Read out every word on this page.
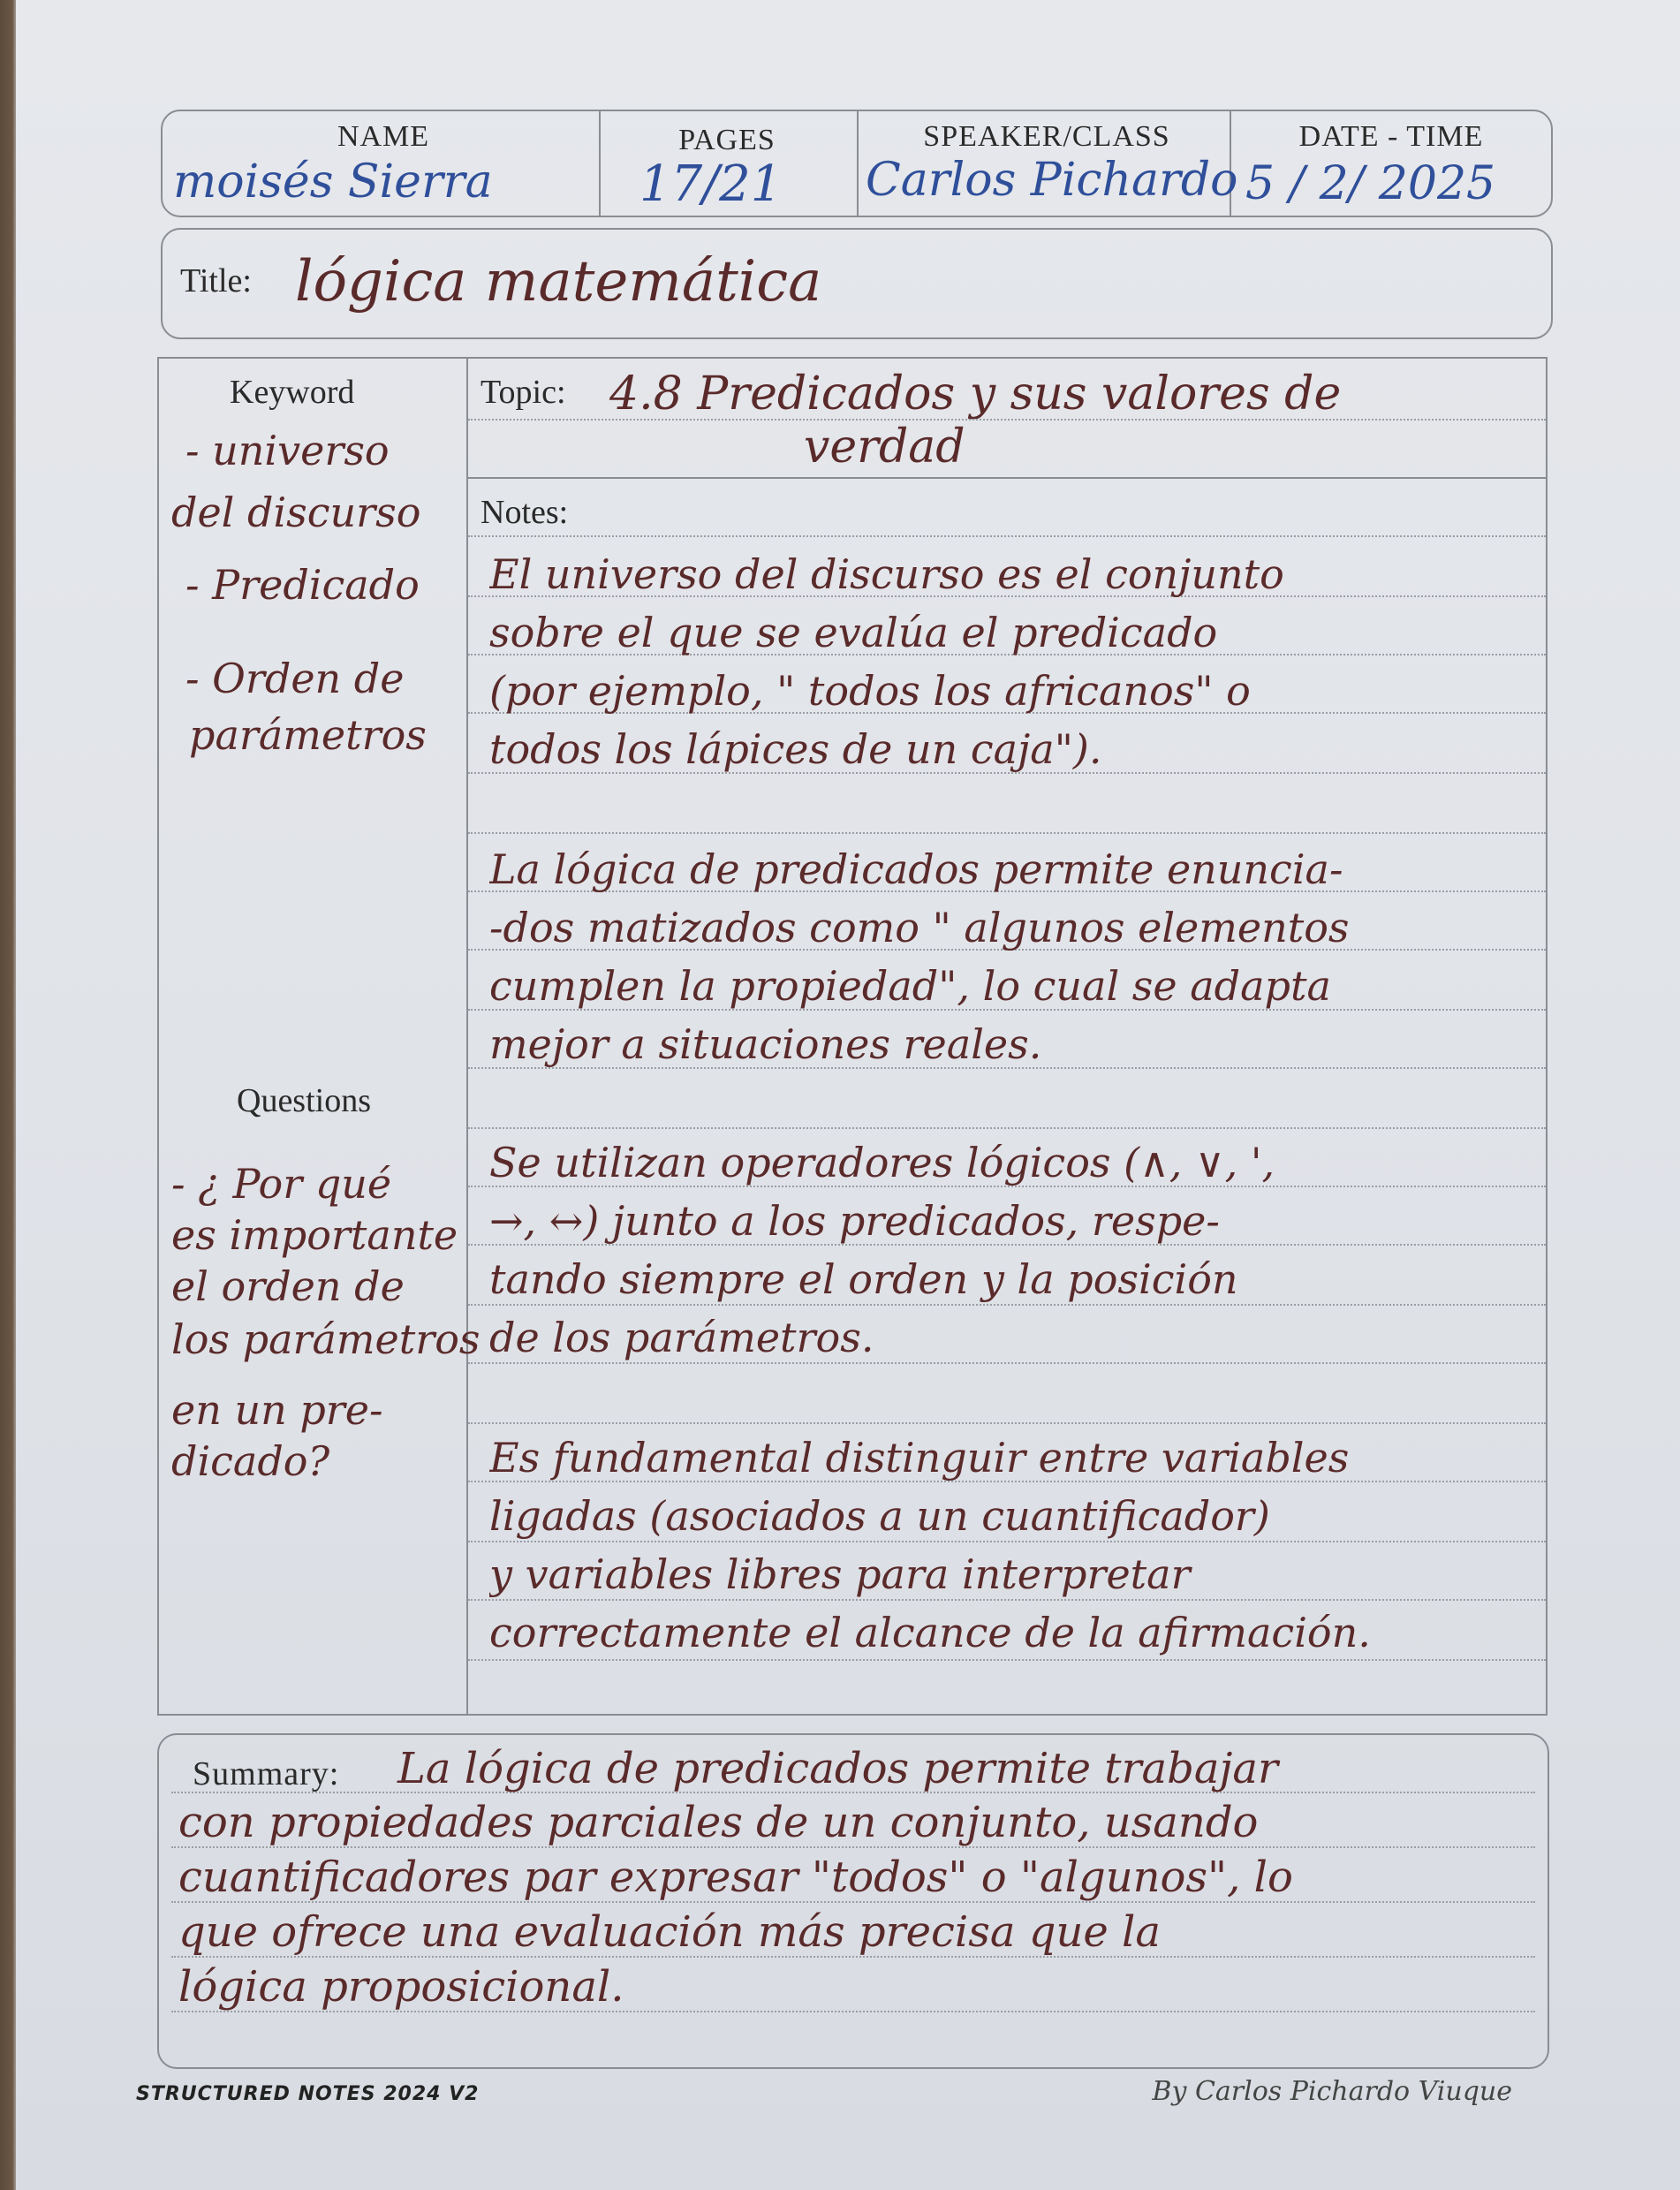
NAME
moisés Sierra
PAGES
17/21
SPEAKER/CLASS
Carlos Pichardo
DATE - TIME
5 / 2/ 2025
Title: lógica matemática
Keyword
- universo
del discurso
- Predicado
- Orden de
parámetros
Questions
- ¿ Por qué
es importante
el orden de
los parámetros
en un pre-
dicado?
Topic: 4.8 Predicados y sus valores de
verdad
Notes:
El universo del discurso es el conjunto
sobre el que se evalúa el predicado
(por ejemplo, " todos los africanos" o
todos los lápices de un caja").
La lógica de predicados permite enuncia-
-dos matizados como " algunos elementos
cumplen la propiedad", lo cual se adapta
mejor a situaciones reales.
Se utilizan operadores lógicos (∧, ∨, ',
→, ↔) junto a los predicados, respe-
tando siempre el orden y la posición
de los parámetros.
Es fundamental distinguir entre variables
ligadas (asociados a un cuantificador)
y variables libres para interpretar
correctamente el alcance de la afirmación.
Summary: La lógica de predicados permite trabajar
con propiedades parciales de un conjunto, usando
cuantificadores par expresar "todos" o "algunos", lo
que ofrece una evaluación más precisa que la
lógica proposicional.
STRUCTURED NOTES 2024 V2	By Carlos Pichardo Viuque
